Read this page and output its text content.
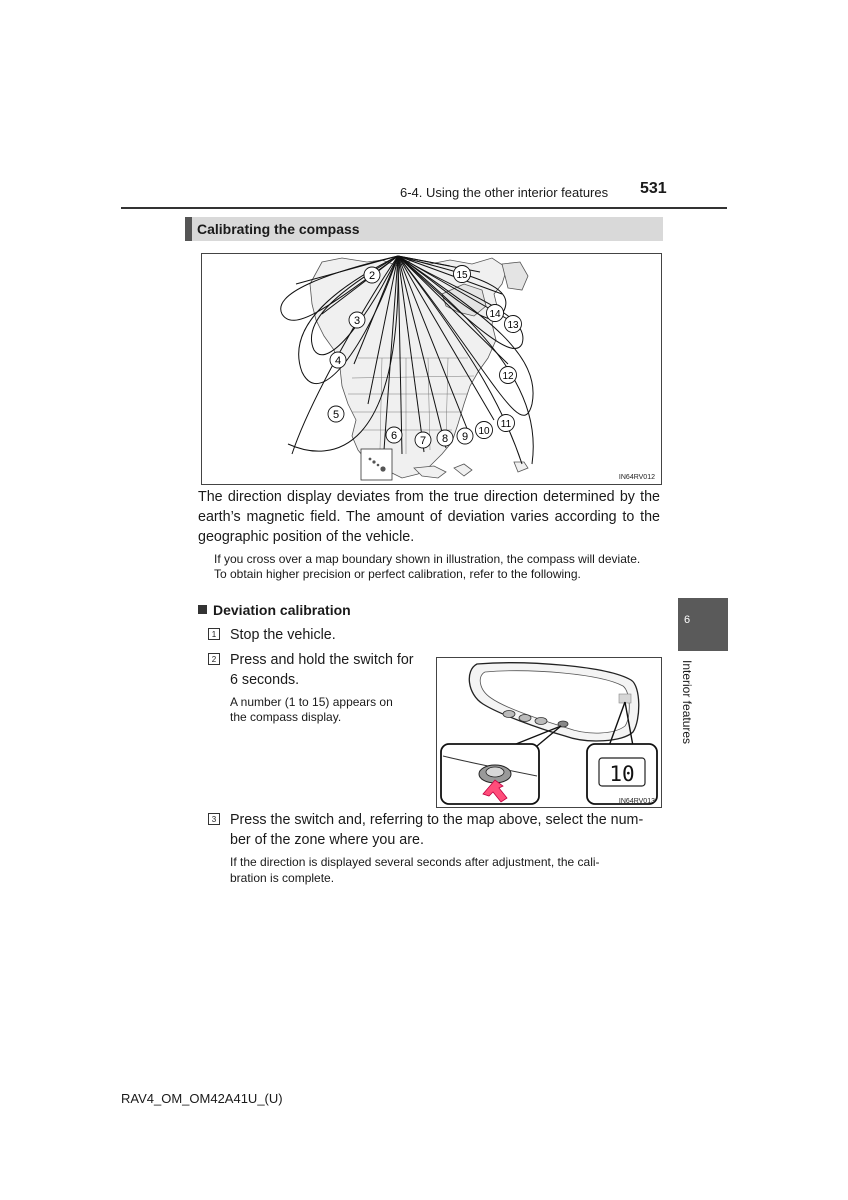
6-4. Using the other interior features 531
Calibrating the compass
2
3
4
5
6 7 8 9 10
11
12
13
14
15
IN64RV012
The direction display deviates from the true direction determined by the earth’s magnetic field. The amount of deviation varies according to the geographic position of the vehicle.
If you cross over a map boundary shown in illustration, the compass will deviate.
To obtain higher precision or perfect calibration, refer to the following.
Deviation calibration
1 Stop the vehicle.
2 Press and hold the switch for
6 seconds.
A number (1 to 15) appears on
the compass display.
10
IN64RV013
3 Press the switch and, referring to the map above, select the num-
ber of the zone where you are.
If the direction is displayed several seconds after adjustment, the cali-
bration is complete.
6
Interior features
RAV4_OM_OM42A41U_(U)
